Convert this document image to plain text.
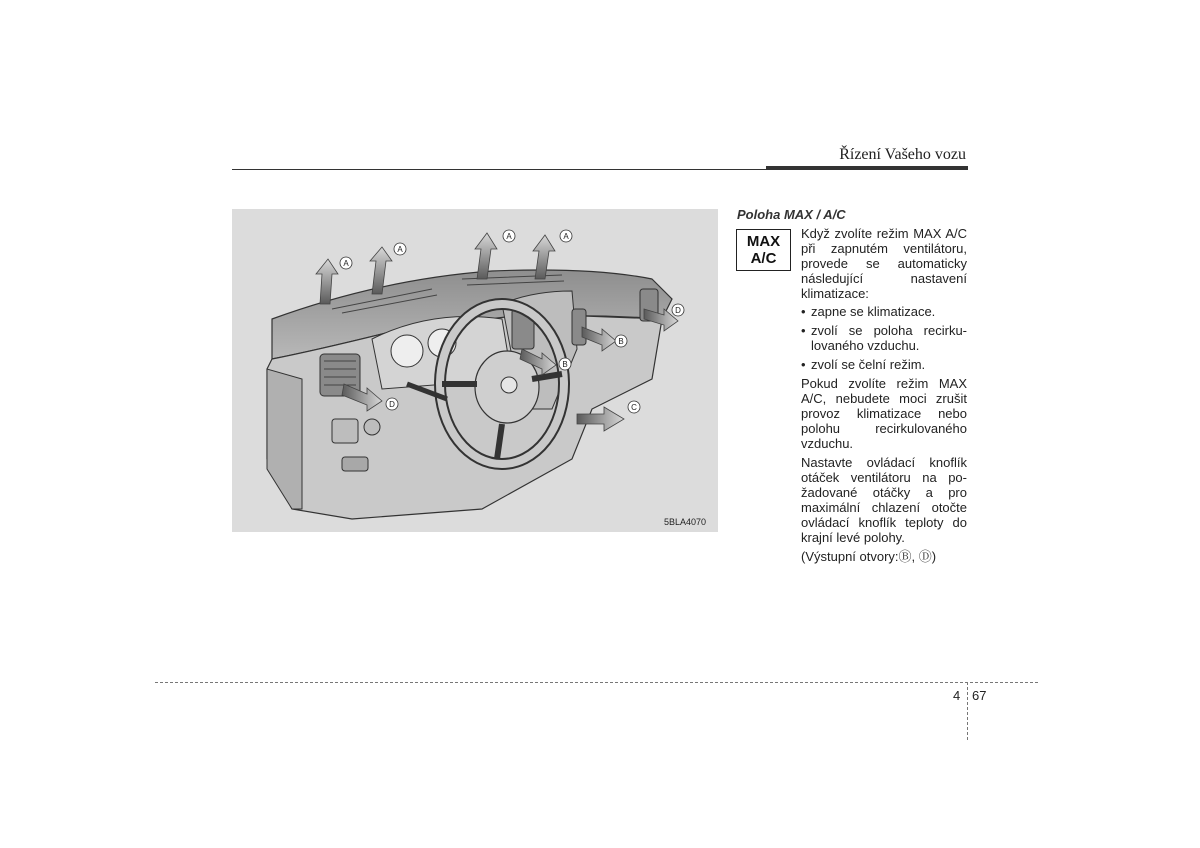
Řízení Vašeho vozu
A
A
A	A
B
B
C
D
D
5BLA4070
Poloha MAX / A/C
MAX
A/C

Když zvolíte režim MAX A/C při zapnutém ventilátoru, provede se automaticky následující nastavení klimatizace:

• zapne se klimatizace.
• zvolí se poloha recirku-lovaného vzduchu.
• zvolí se čelní režim.

Pokud zvolíte režim MAX A/C, nebudete moci zrušit provoz klimatizace nebo polohu recirkulovaného vzduchu.

Nastavte ovládací knoflík otáček ventilátoru na po-žadované otáčky a pro maximální chlazení otočte ovládací knoflík teploty do krajní levé polohy.

(Výstupní otvory:Ⓑ, Ⓓ)

4 67
